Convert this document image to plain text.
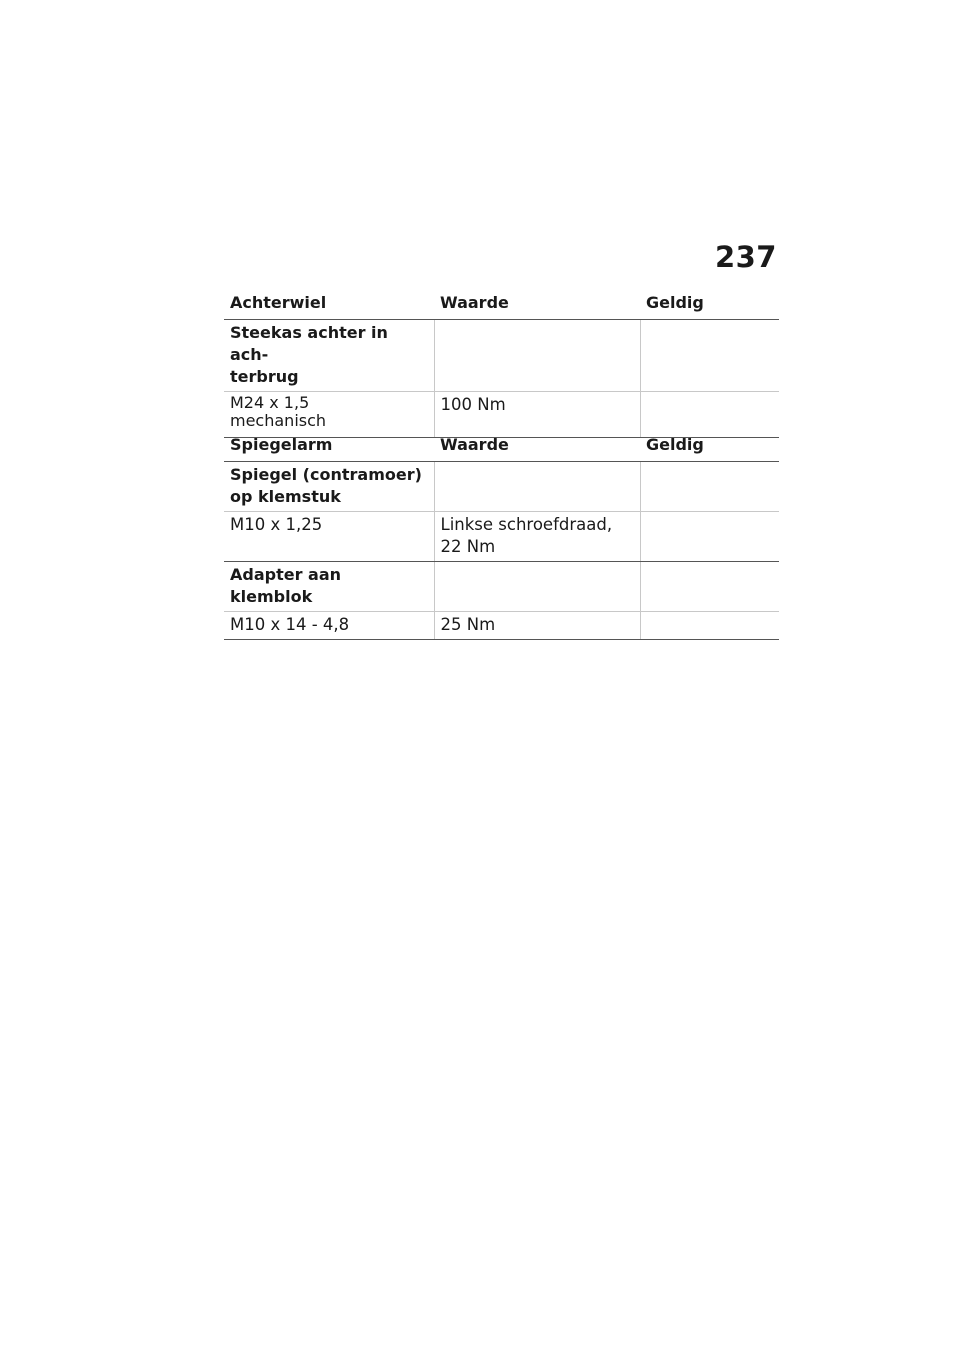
237
Achterwiel	Waarde	Geldig
Steekas achter in ach-
terbrug		
M24 x 1,5
mechanisch	100 Nm	
Spiegelarm	Waarde	Geldig
Spiegel (contramoer)
op klemstuk		
M10 x 1,25	Linkse schroefdraad,
22 Nm	
Adapter aan klemblok		
M10 x 14 - 4,8	25 Nm	
